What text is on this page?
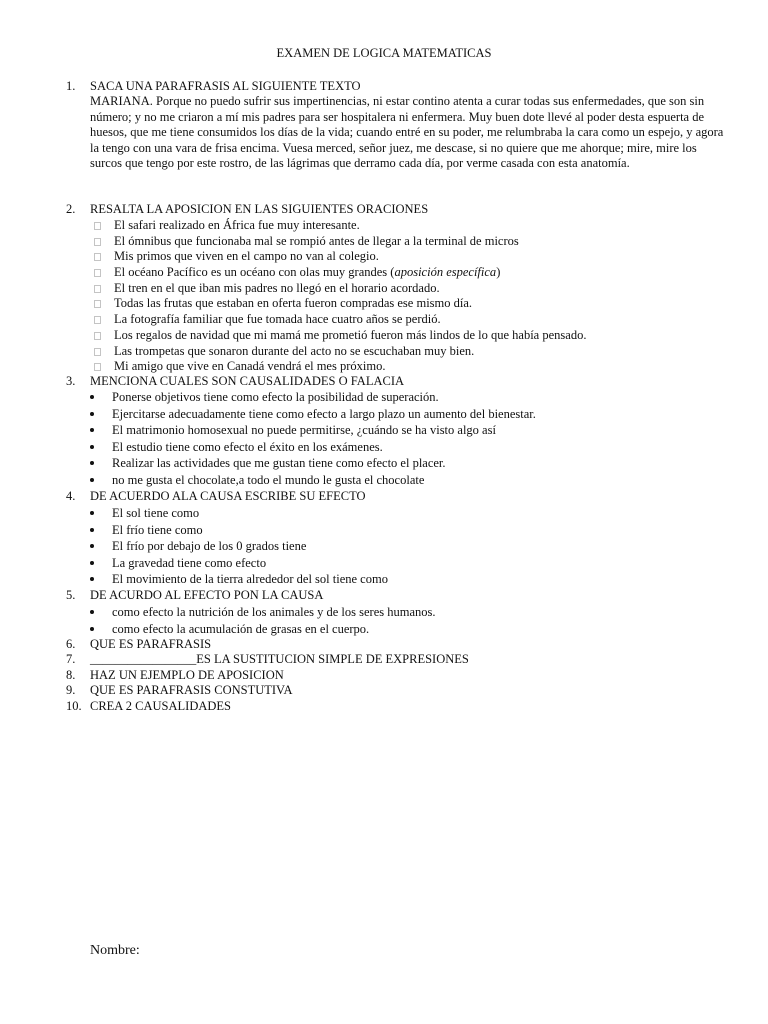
EXAMEN DE LOGICA MATEMATICAS
1. SACA UNA PARAFRASIS AL SIGUIENTE TEXTO
MARIANA. Porque no puedo sufrir sus impertinencias, ni estar contino atenta a curar todas sus enfermedades, que son sin número; y no me criaron a mí mis padres para ser hospitalera ni enfermera. Muy buen dote llevé al poder desta espuerta de huesos, que me tiene consumidos los días de la vida; cuando entré en su poder, me relumbraba la cara como un espejo, y agora la tengo con una vara de frisa encima. Vuesa merced, señor juez, me descase, si no quiere que me ahorque; mire, mire los surcos que tengo por este rostro, de las lágrimas que derramo cada día, por verme casada con esta anatomía.
2. RESALTA LA APOSICION EN LAS SIGUIENTES ORACIONES
El safari realizado en África fue muy interesante.
El ómnibus que funcionaba mal se rompió antes de llegar a la terminal de micros
Mis primos que viven en el campo no van al colegio.
El océano Pacífico es un océano con olas muy grandes (aposición específica)
El tren en el que iban mis padres no llegó en el horario acordado.
Todas las frutas que estaban en oferta fueron compradas ese mismo día.
La fotografía familiar que fue tomada hace cuatro años se perdió.
Los regalos de navidad que mi mamá me prometió fueron más lindos de lo que había pensado.
Las trompetas que sonaron durante del acto no se escuchaban muy bien.
Mi amigo que vive en Canadá vendrá el mes próximo.
3. MENCIONA CUALES SON CAUSALIDADES O FALACIA
Ponerse objetivos tiene como efecto la posibilidad de superación.
Ejercitarse adecuadamente tiene como efecto a largo plazo un aumento del bienestar.
El matrimonio homosexual no puede permitirse, ¿cuándo se ha visto algo así
El estudio tiene como efecto el éxito en los exámenes.
Realizar las actividades que me gustan tiene como efecto el placer.
no me gusta el chocolate,a todo el mundo le gusta el chocolate
4. DE ACUERDO ALA CAUSA ESCRIBE SU EFECTO
El sol tiene como
El frío tiene como
El frío por debajo de los 0 grados tiene
La gravedad tiene como efecto
El movimiento de la tierra alrededor del sol tiene como
5. DE ACURDO AL EFECTO PON LA CAUSA
como efecto la nutrición de los animales y de los seres humanos.
como efecto la acumulación de grasas en el cuerpo.
6. QUE ES PARAFRASIS
7. _________________ES LA SUSTITUCION SIMPLE DE EXPRESIONES
8. HAZ UN EJEMPLO DE APOSICION
9. QUE ES PARAFRASIS CONSTUTIVA
10. CREA 2 CAUSALIDADES
Nombre:
